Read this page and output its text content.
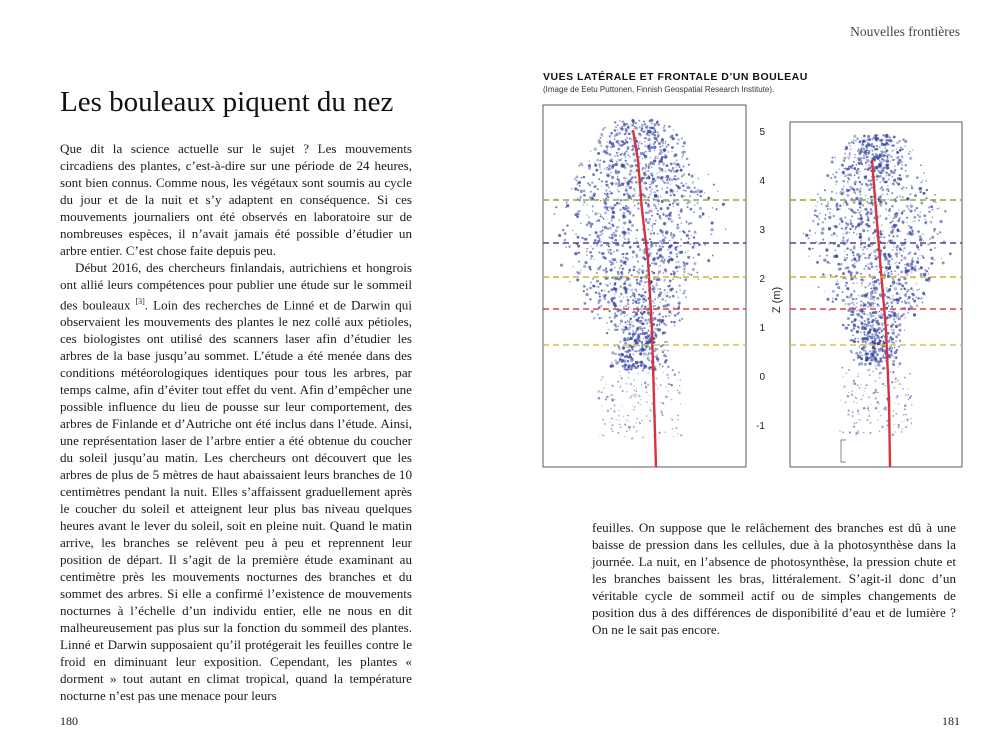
Nouvelles frontières
Les bouleaux piquent du nez

Que dit la science actuelle sur le sujet ? Les mouvements circadiens des plantes, c’est-à-dire sur une période de 24 heures, sont bien connus. Comme nous, les végétaux sont soumis au cycle du jour et de la nuit et s’y adaptent en conséquence. Si ces mouvements journaliers ont été observés en laboratoire sur de nombreuses espèces, il n’avait jamais été possible d’étudier un arbre entier. C’est chose faite depuis peu.

Début 2016, des chercheurs finlandais, autrichiens et hongrois ont allié leurs compétences pour publier une étude sur le sommeil des bouleaux [3]. Loin des recherches de Linné et de Darwin qui observaient les mouvements des plantes le nez collé aux pétioles, ces biologistes ont utilisé des scanners laser afin d’étudier les arbres de la base jusqu’au sommet. L’étude a été menée dans des conditions météorologiques identiques pour tous les arbres, par temps calme, afin d’éviter tout effet du vent. Afin d’empêcher une possible influence du lieu de pousse sur leur comportement, des arbres de Finlande et d’Autriche ont été inclus dans l’étude. Ainsi, une représentation laser de l’arbre entier a été obtenue du coucher du soleil jusqu’au matin. Les chercheurs ont découvert que les arbres de plus de 5 mètres de haut abaissaient leurs branches de 10 centimètres pendant la nuit. Elles s’affaissent graduellement après le coucher du soleil et atteignent leur plus bas niveau quelques heures avant le lever du soleil, soit en pleine nuit. Quand le matin arrive, les branches se relèvent peu à peu et reprennent leur position de départ. Il s’agit de la première étude examinant au centimètre près les mouvements nocturnes des branches et du sommet des arbres. Si elle a confirmé l’existence de mouvements nocturnes à l’échelle d’un individu entier, elle ne nous en dit malheureusement pas plus sur la fonction du sommeil des plantes. Linné et Darwin supposaient qu’il protégerait les feuilles contre le froid en diminuant leur exposition. Cependant, les plantes « dorment » tout autant en climat tropical, quand la température nocturne n’est pas une menace pour leurs

VUES LATÉRALE ET FRONTALE D’UN BOULEAU
(Image de Eetu Puttonen, Finnish Geospatial Research Institute).
5
4
3
2
1
0
-1
Z (m)

feuilles. On suppose que le relâchement des branches est dû à une baisse de pression dans les cellules, due à la photosynthèse dans la journée. La nuit, en l’absence de photosynthèse, la pression chute et les branches baissent les bras, littéralement. S’agit-il donc d’un véritable cycle de sommeil actif ou de simples changements de position dus à des différences de disponibilité d’eau et de lumière ? On ne le sait pas encore.

180	181
